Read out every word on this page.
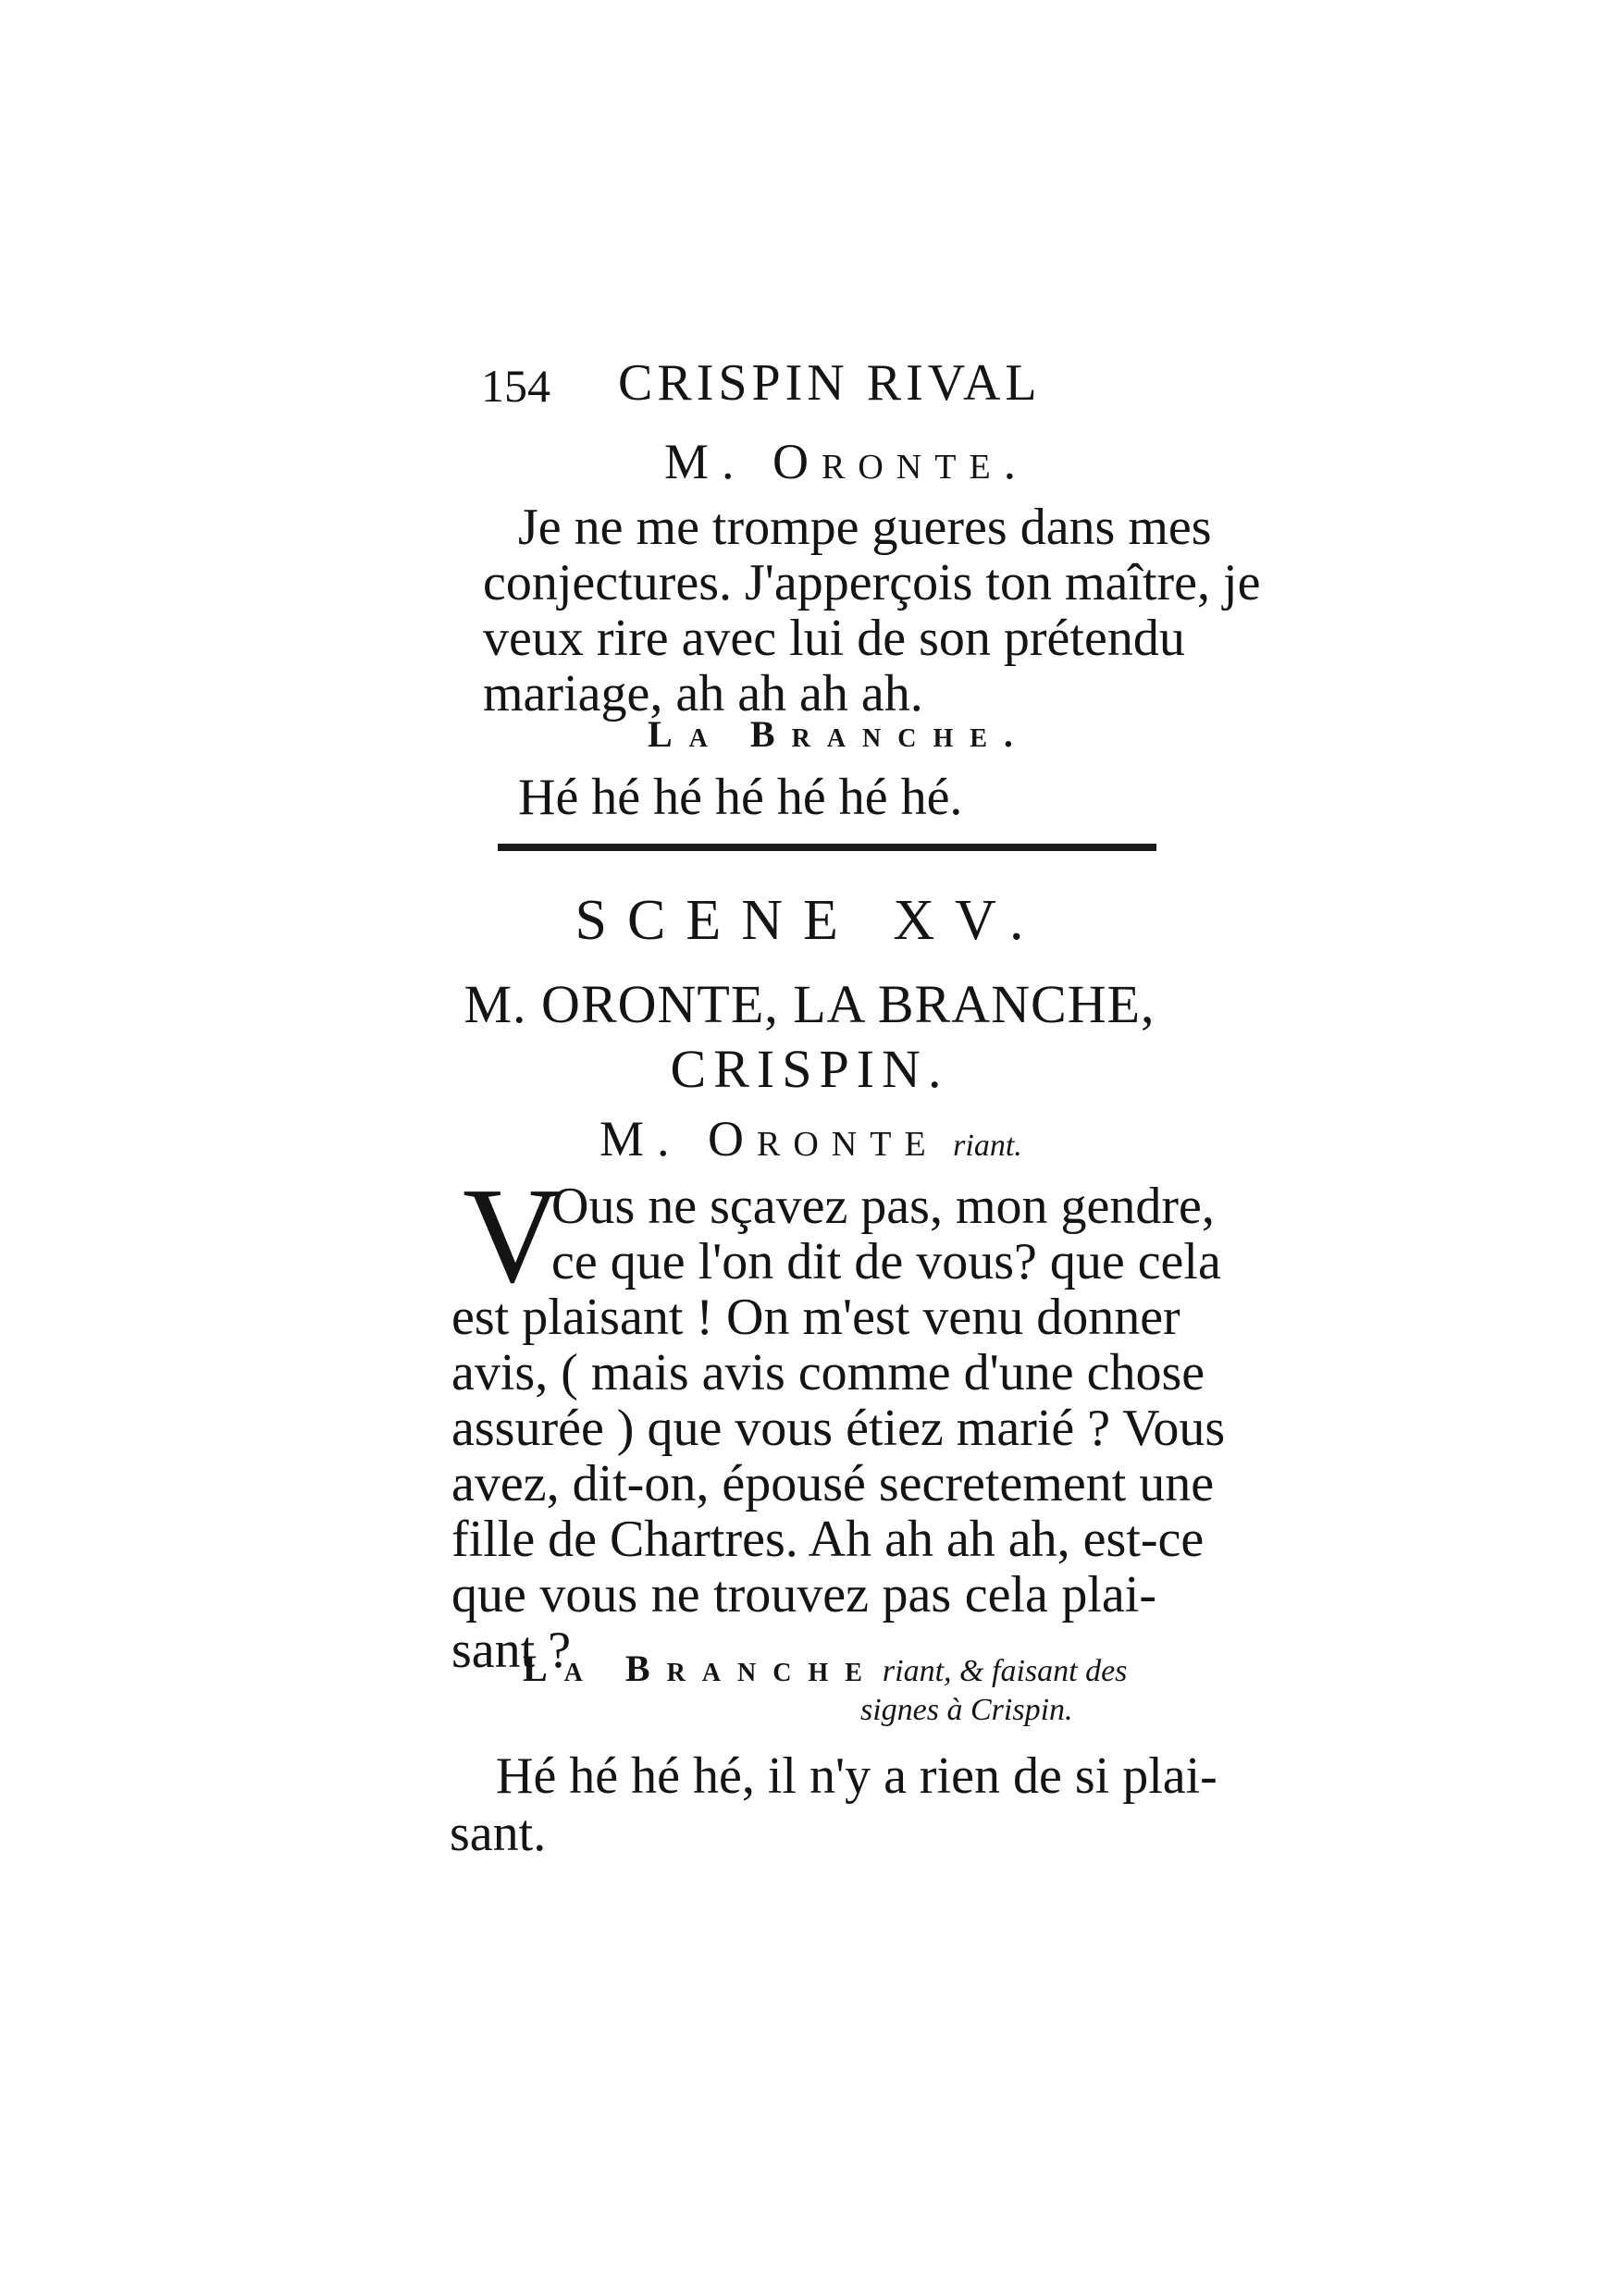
154 CRISPIN RIVAL
M. Oronte.
Je ne me trompe gueres dans mes
conjectures. J'apperçois ton maître, je
veux rire avec lui de son prétendu
mariage, ah ah ah ah.
La Branche.
Hé hé hé hé hé hé hé.
SCENE XV.
M. ORONTE, LA BRANCHE,
CRISPIN.
M. Oronte riant.
V
Ous ne sçavez pas, mon gendre,
ce que l'on dit de vous? que cela
est plaisant ! On m'est venu donner
avis, ( mais avis comme d'une chose
assurée ) que vous étiez marié ? Vous
avez, dit-on, épousé secretement une
fille de Chartres. Ah ah ah ah, est-ce
que vous ne trouvez pas cela plai-
sant ?
La Branche riant, & faisant des
signes à Crispin.
Hé hé hé hé, il n'y a rien de si plai-
sant.
